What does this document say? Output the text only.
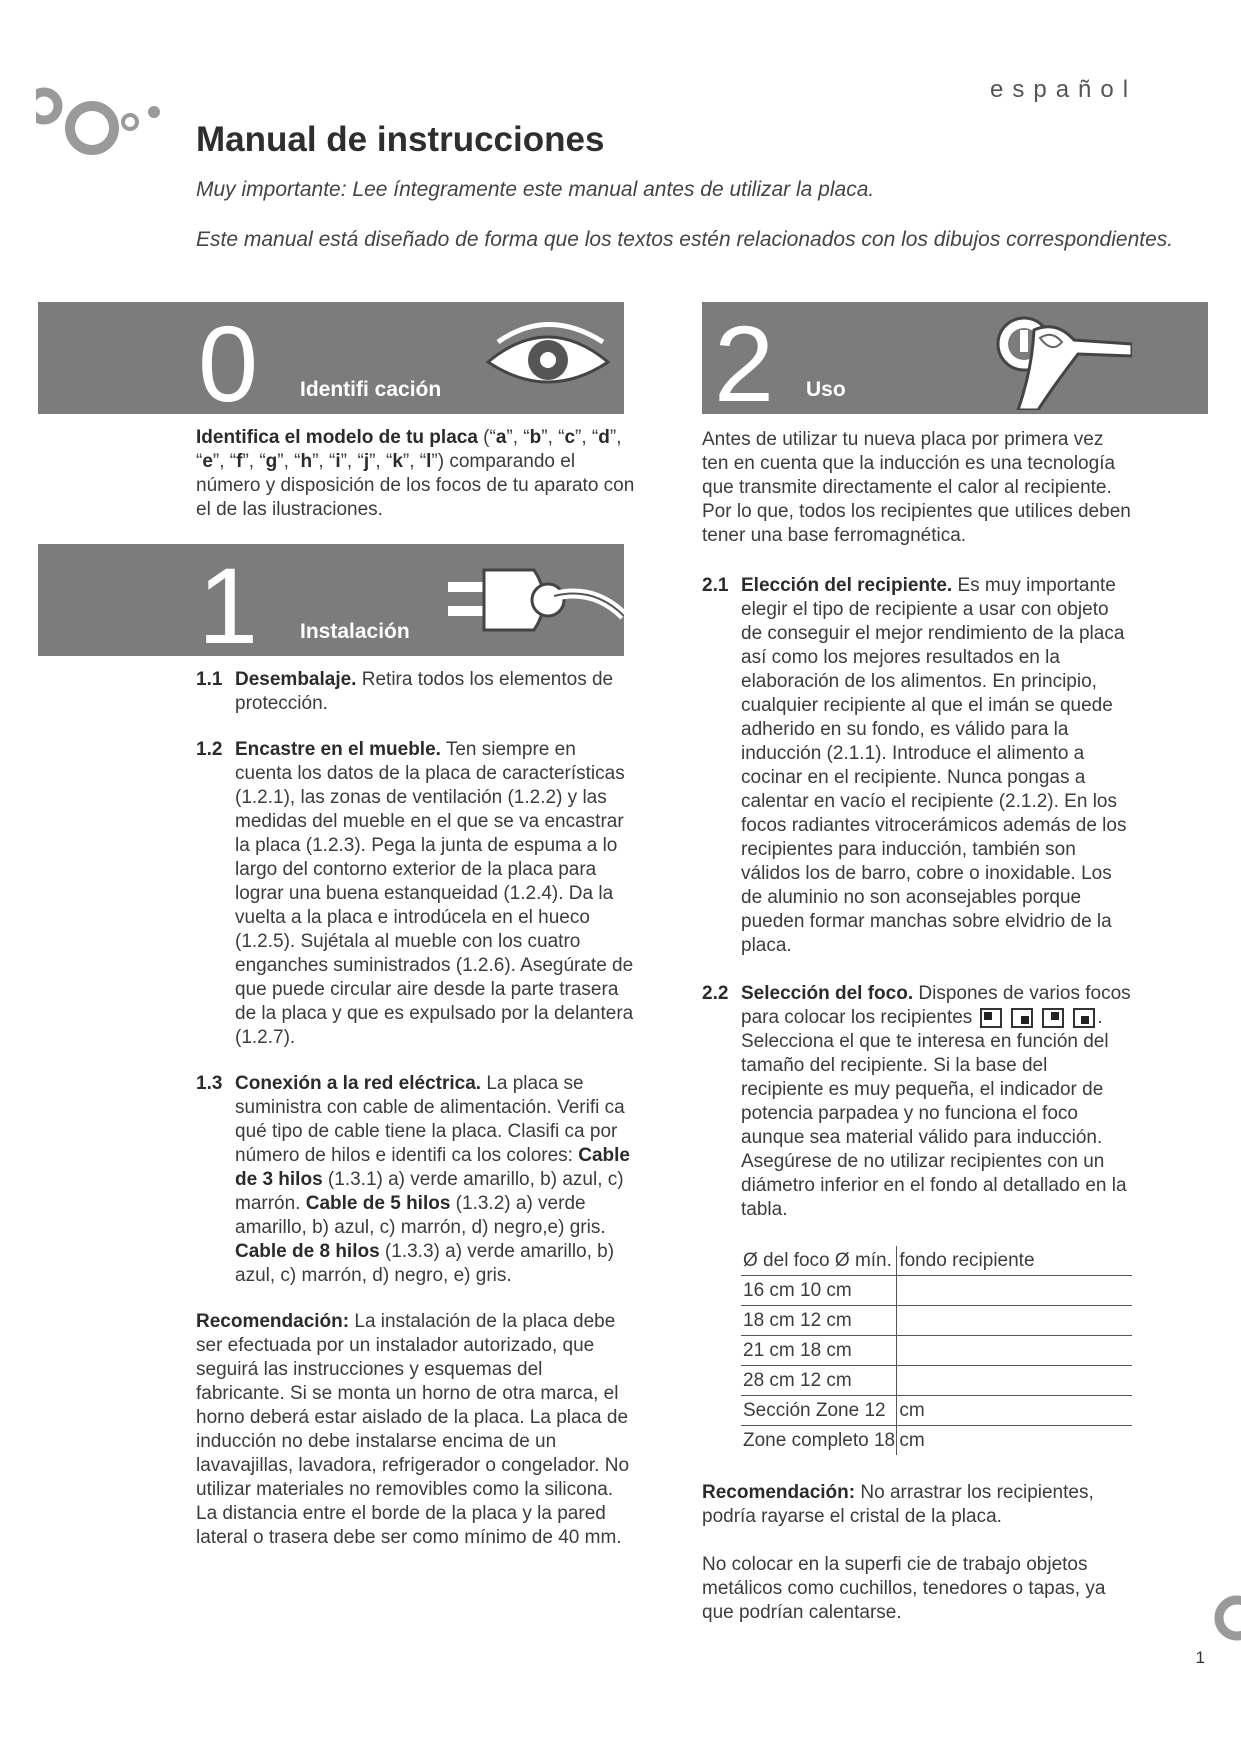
español
Manual de instrucciones
Muy importante: Lee íntegramente este manual antes de utilizar la placa.
Este manual está diseñado de forma que los textos estén relacionados con los dibujos correspondientes.
0 Identifi cación

Identifica el modelo de tu placa (“a”, “b”, “c”, “d”, “e”, “f”, “g”, “h”, “i”, “j”, “k”, “l”) comparando el número y disposición de los focos de tu aparato con el de las ilustraciones.

1 Instalación
1.1 Desembalaje. Retira todos los elementos de protección.

1.2 Encastre en el mueble. Ten siempre en cuenta los datos de la placa de características (1.2.1), las zonas de ventilación (1.2.2) y las medidas del mueble en el que se va encastrar la placa (1.2.3). Pega la junta de espuma a lo largo del contorno exterior de la placa para lograr una buena estanqueidad (1.2.4). Da la vuelta a la placa e introdúcela en el hueco (1.2.5). Sujétala al mueble con los cuatro enganches suministrados (1.2.6). Asegúrate de que puede circular aire desde la parte trasera de la placa y que es expulsado por la delantera (1.2.7).

1.3 Conexión a la red eléctrica. La placa se suministra con cable de alimentación. Verifi ca qué tipo de cable tiene la placa. Clasifi ca por número de hilos e identifi ca los colores: Cable de 3 hilos (1.3.1) a) verde amarillo, b) azul, c) marrón. Cable de 5 hilos (1.3.2) a) verde amarillo, b) azul, c) marrón, d) negro,e) gris. Cable de 8 hilos (1.3.3) a) verde amarillo, b) azul, c) marrón, d) negro, e) gris.

Recomendación: La instalación de la placa debe ser efectuada por un instalador autorizado, que seguirá las instrucciones y esquemas del fabricante. Si se monta un horno de otra marca, el horno deberá estar aislado de la placa. La placa de inducción no debe instalarse encima de un lavavajillas, lavadora, refrigerador o congelador. No utilizar materiales no removibles como la silicona. La distancia entre el borde de la placa y la pared lateral o trasera debe ser como mínimo de 40 mm.

2 Uso

Antes de utilizar tu nueva placa por primera vez ten en cuenta que la inducción es una tecnología que transmite directamente el calor al recipiente. Por lo que, todos los recipientes que utilices deben tener una base ferromagnética.

2.1 Elección del recipiente. Es muy importante elegir el tipo de recipiente a usar con objeto de conseguir el mejor rendimiento de la placa así como los mejores resultados en la elaboración de los alimentos. En principio, cualquier recipiente al que el imán se quede adherido en su fondo, es válido para la inducción (2.1.1). Introduce el alimento a cocinar en el recipiente. Nunca pongas a calentar en vacío el recipiente (2.1.2). En los focos radiantes vitrocerámicos además de los recipientes para inducción, también son válidos los de barro, cobre o inoxidable. Los de aluminio no son aconsejables porque pueden formar manchas sobre elvidrio de la placa.

2.2 Selección del foco. Dispones de varios focos para colocar los recipientes

	. Selecciona el que te interesa en función del tamaño del recipiente. Si la base del recipiente es muy pequeña, el indicador de potencia parpadea y no funciona el foco aunque sea material válido para inducción. Asegúrese de no utilizar recipientes con un diámetro inferior en el fondo al detallado en la tabla.

Ø del foco Ø mín.	fondo recipiente
16 cm 10 cm	
18 cm 12 cm	
21 cm 18 cm	
28 cm 12 cm	
Sección Zone 12	cm
Zone completo 18	cm

Recomendación: No arrastrar los recipientes, podría rayarse el cristal de la placa.

No colocar en la superfi cie de trabajo objetos metálicos como cuchillos, tenedores o tapas, ya que podrían calentarse.

1
